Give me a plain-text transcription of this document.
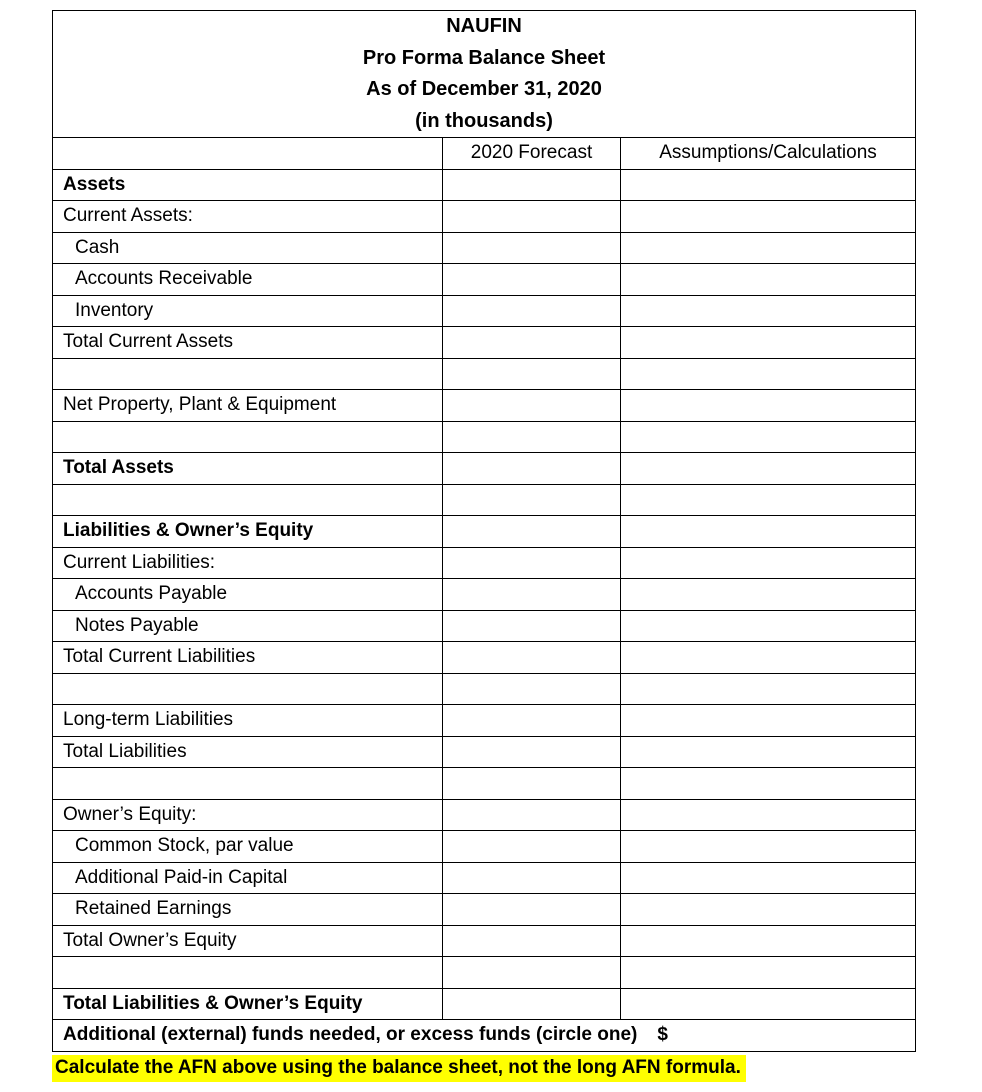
NAUFIN
Pro Forma Balance Sheet
As of December 31, 2020
(in thousands)		

	2020 Forecast	Assumptions/Calculations
Assets		
Current Assets:		
Cash		
Accounts Receivable		
Inventory		
Total Current Assets		

Net Property, Plant & Equipment		

Total Assets		

Liabilities & Owner’s Equity		
Current Liabilities:		
Accounts Payable		
Notes Payable		
Total Current Liabilities		

Long-term Liabilities		
Total Liabilities		

Owner’s Equity:		
Common Stock, par value		
Additional Paid-in Capital		
Retained Earnings		
Total Owner’s Equity		

Total Liabilities & Owner’s Equity		
Additional (external) funds needed, or excess funds (circle one) $		
Calculate the AFN above using the balance sheet, not the long AFN formula.
